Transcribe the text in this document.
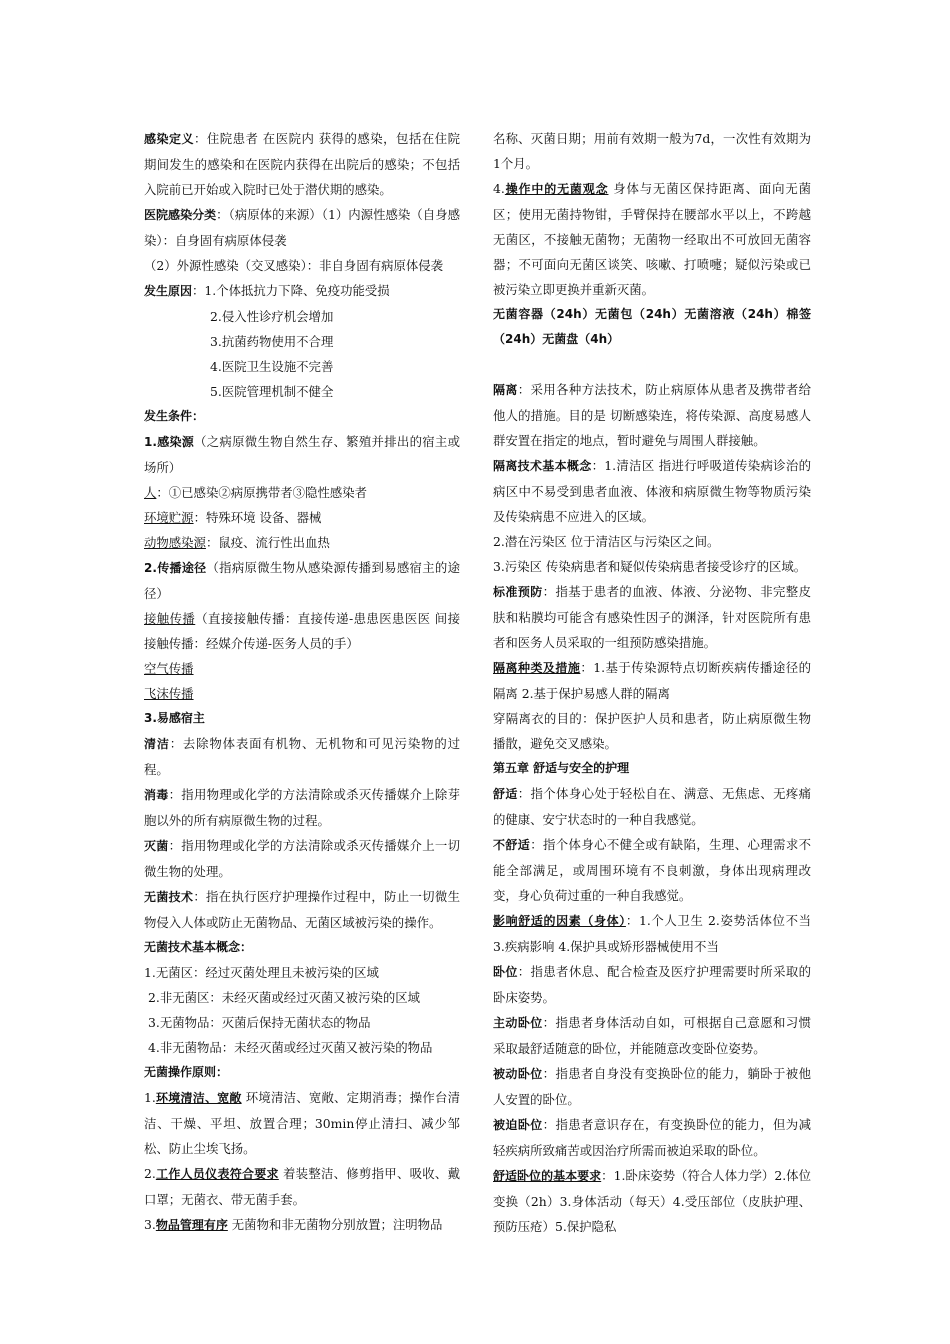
感染定义：住院患者 在医院内 获得的感染，包括在住院期间发生的感染和在医院内获得在出院后的感染；不包括入院前已开始或入院时已处于潜伏期的感染。

医院感染分类：（病原体的来源）（1）内源性感染（自身感染）：自身固有病原体侵袭

（2）外源性感染（交叉感染）：非自身固有病原体侵袭

发生原因：1.个体抵抗力下降、免疫功能受损

2.侵入性诊疗机会增加

3.抗菌药物使用不合理

4.医院卫生设施不完善

5.医院管理机制不健全

发生条件：

1.感染源（之病原微生物自然生存、繁殖并排出的宿主或场所）

人：①已感染②病原携带者③隐性感染者

环境贮源：特殊环境 设备、器械

动物感染源：鼠疫、流行性出血热

2.传播途径（指病原微生物从感染源传播到易感宿主的途径）

接触传播（直接接触传播：直接传递-患患医患医医 间接接触传播：经媒介传递-医务人员的手）

空气传播

飞沫传播

3.易感宿主

清洁：去除物体表面有机物、无机物和可见污染物的过程。

消毒：指用物理或化学的方法清除或杀灭传播媒介上除芽胞以外的所有病原微生物的过程。

灭菌：指用物理或化学的方法清除或杀灭传播媒介上一切微生物的处理。

无菌技术：指在执行医疗护理操作过程中，防止一切微生物侵入人体或防止无菌物品、无菌区域被污染的操作。

无菌技术基本概念：

1.无菌区：经过灭菌处理且未被污染的区域

2.非无菌区：未经灭菌或经过灭菌又被污染的区域

3.无菌物品：灭菌后保持无菌状态的物品

4.非无菌物品：未经灭菌或经过灭菌又被污染的物品

无菌操作原则：

1.环境清洁、宽敞 环境清洁、宽敞、定期消毒；操作台清洁、干燥、平坦、放置合理；30min停止清扫、减少邹松、防止尘埃飞扬。

2.工作人员仪表符合要求 着装整洁、修剪指甲、吸收、戴口罩；无菌衣、带无菌手套。

3.物品管理有序 无菌物和非无菌物分别放置；注明物品

名称、灭菌日期；用前有效期一般为7d，一次性有效期为1个月。

4.操作中的无菌观念 身体与无菌区保持距离、面向无菌区；使用无菌持物钳，手臂保持在腰部水平以上，不跨越无菌区，不接触无菌物；无菌物一经取出不可放回无菌容器；不可面向无菌区谈笑、咳嗽、打喷嚏；疑似污染或已被污染立即更换并重新灭菌。

无菌容器（24h）无菌包（24h）无菌溶液（24h）棉签（24h）无菌盘（4h）

隔离：采用各种方法技术，防止病原体从患者及携带者给他人的措施。目的是 切断感染连，将传染源、高度易感人群安置在指定的地点，暂时避免与周围人群接触。

隔离技术基本概念：1.清洁区 指进行呼吸道传染病诊治的病区中不易受到患者血液、体液和病原微生物等物质污染及传染病患不应进入的区域。

2.潜在污染区 位于清洁区与污染区之间。

3.污染区 传染病患者和疑似传染病患者接受诊疗的区域。

标准预防：指基于患者的血液、体液、分泌物、非完整皮肤和粘膜均可能含有感染性因子的渊泽，针对医院所有患者和医务人员采取的一组预防感染措施。

隔离种类及措施：1.基于传染源特点切断疾病传播途径的隔离 2.基于保护易感人群的隔离

穿隔离衣的目的：保护医护人员和患者，防止病原微生物播散，避免交叉感染。

第五章 舒适与安全的护理

舒适：指个体身心处于轻松自在、满意、无焦虑、无疼痛的健康、安宁状态时的一种自我感觉。

不舒适：指个体身心不健全或有缺陷，生理、心理需求不能全部满足，或周围环境有不良刺激，身体出现病理改变，身心负荷过重的一种自我感觉。

影响舒适的因素（身体）：1.个人卫生 2.姿势活体位不当 3.疾病影响 4.保护具或矫形器械使用不当

卧位：指患者休息、配合检查及医疗护理需要时所采取的卧床姿势。

主动卧位：指患者身体活动自如，可根据自己意愿和习惯采取最舒适随意的卧位，并能随意改变卧位姿势。

被动卧位：指患者自身没有变换卧位的能力，躺卧于被他人安置的卧位。

被迫卧位：指患者意识存在，有变换卧位的能力，但为减轻疾病所致痛苦或因治疗所需而被迫采取的卧位。

舒适卧位的基本要求：1.卧床姿势（符合人体力学）2.体位变换（2h）3.身体活动（每天）4.受压部位（皮肤护理、预防压疮）5.保护隐私
